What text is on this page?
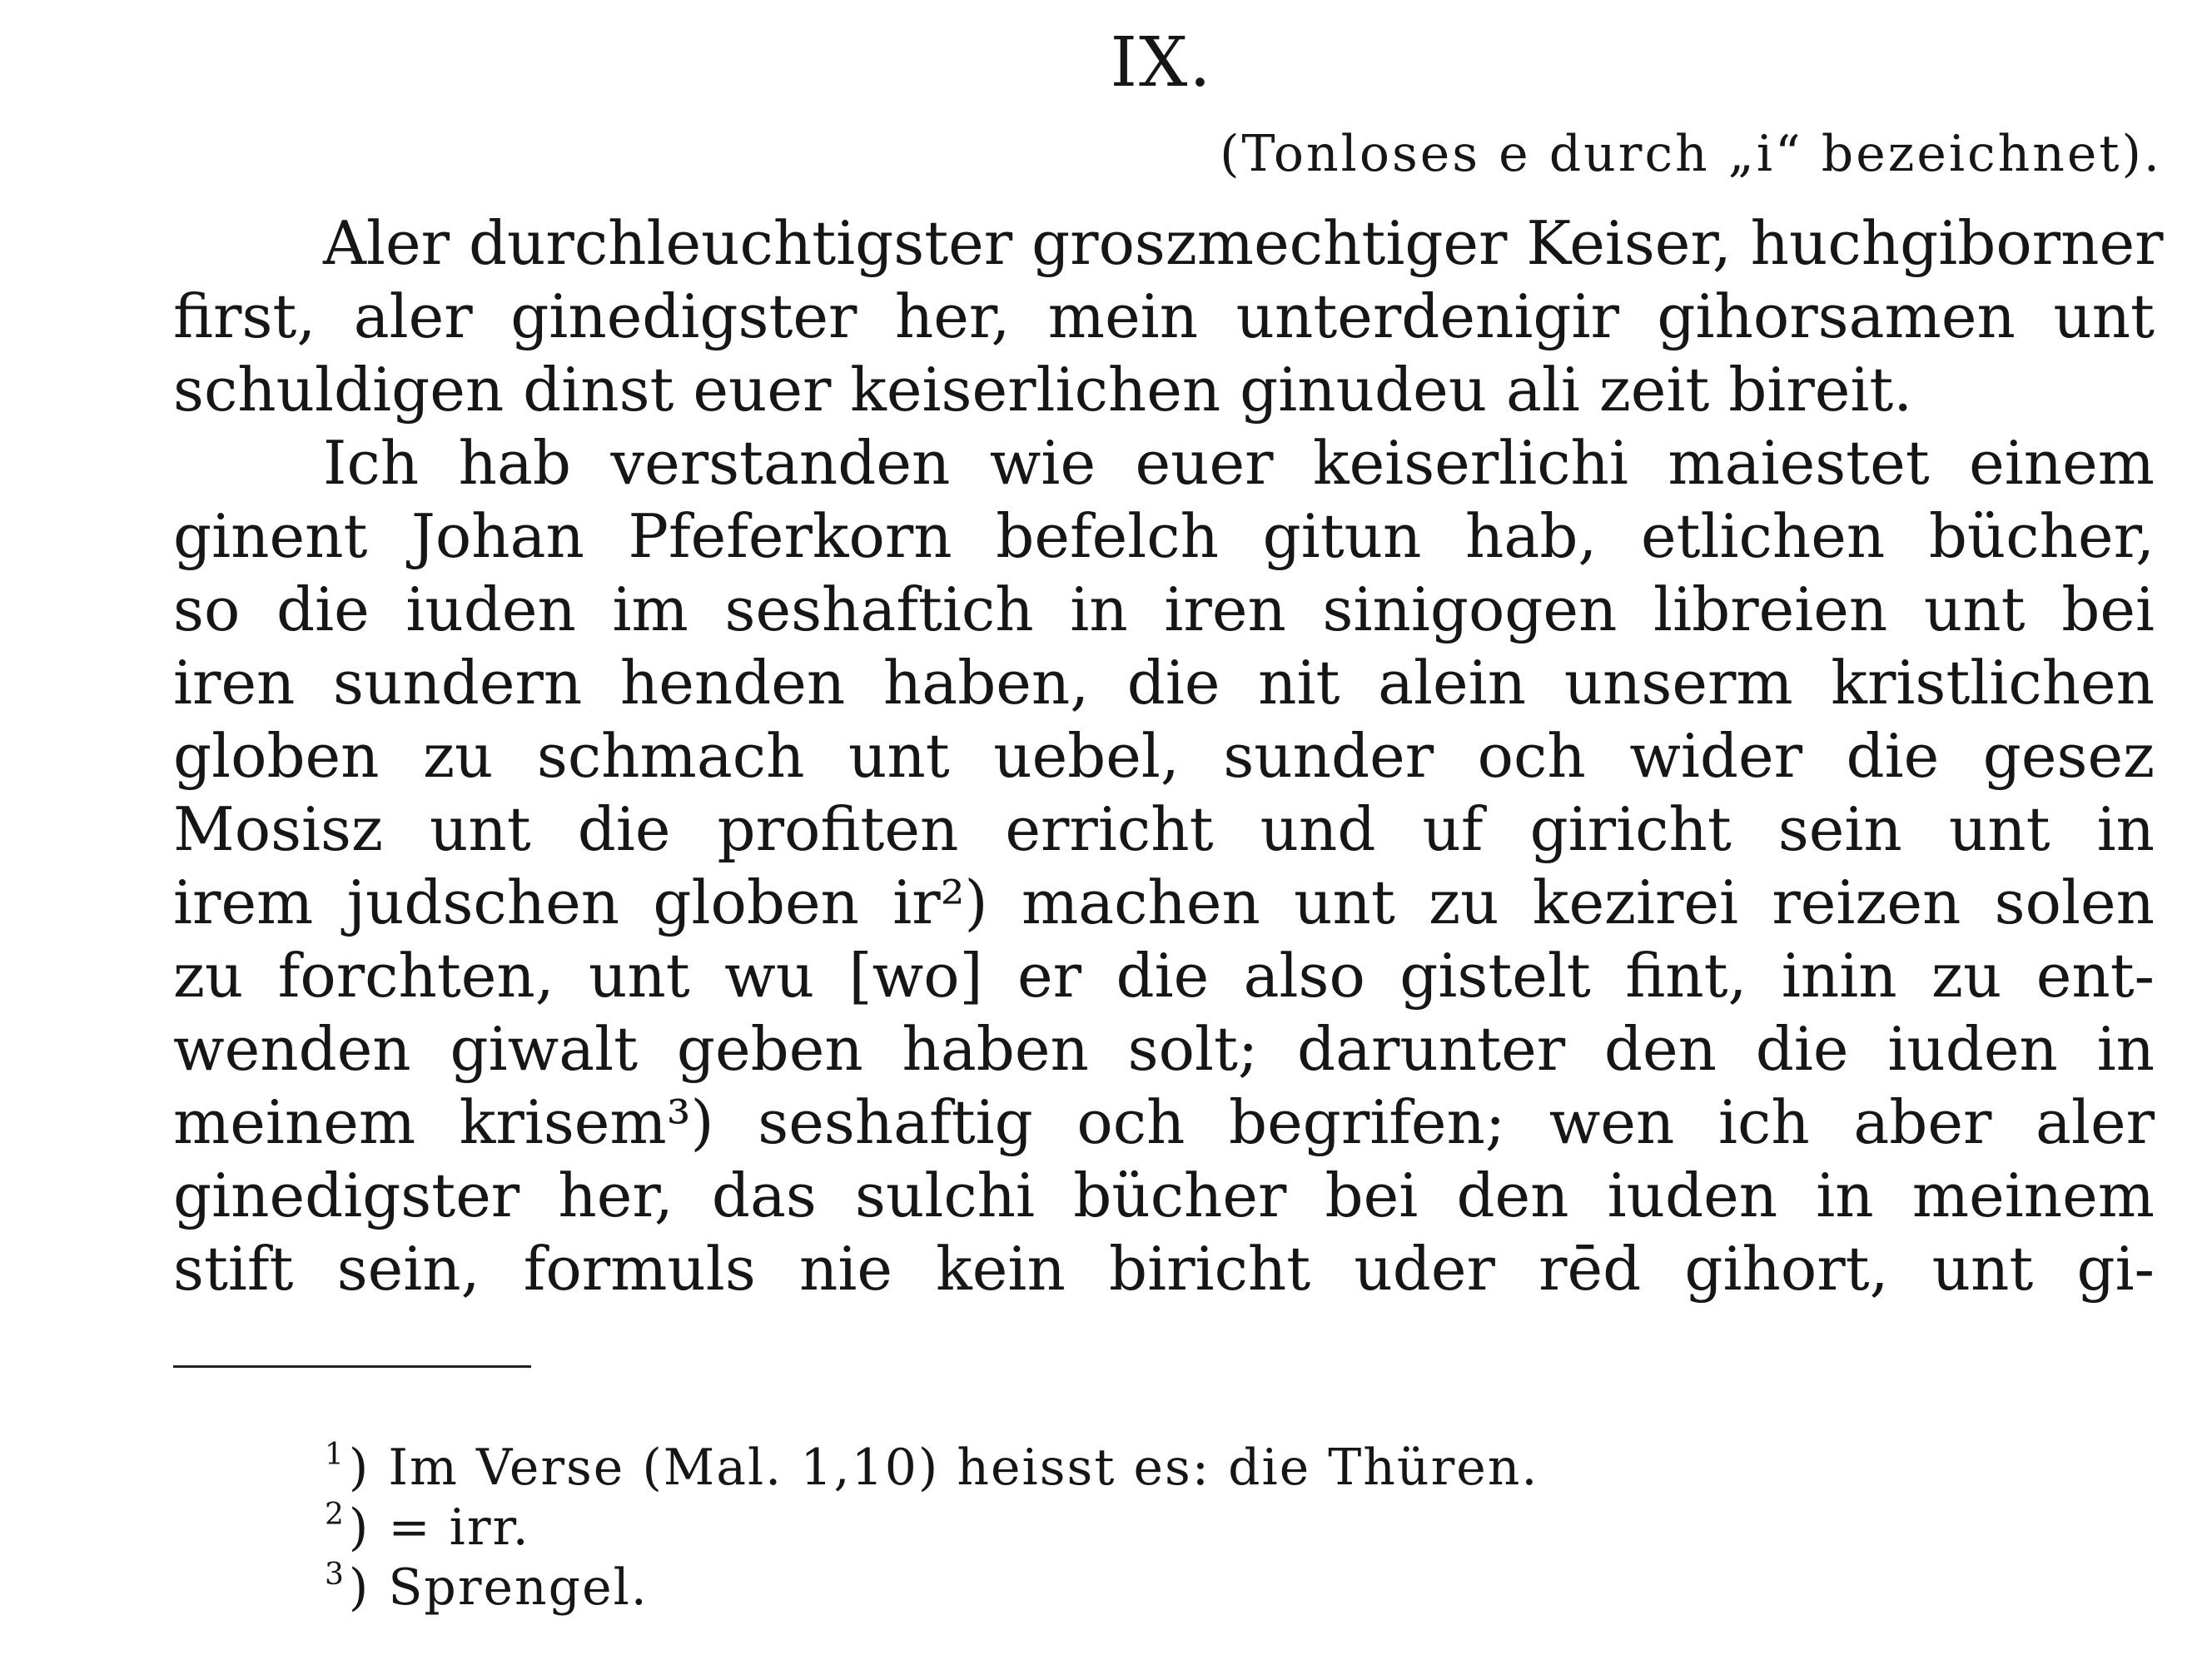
IX.

(Tonloses e durch „i“ bezeichnet).

Aler durchleuchtigster groszmechtiger Keiser, huchgiborner
first, aler ginedigster her, mein unterdenigir gihorsamen unt
schuldigen dinst euer keiserlichen ginudeu ali zeit bireit.
Ich hab verstanden wie euer keiserlichi maiestet einem
ginent Johan Pfeferkorn befelch gitun hab, etlichen bücher,
so die iuden im seshaftich in iren sinigogen libreien unt bei
iren sundern henden haben, die nit alein unserm kristlichen
globen zu schmach unt uebel, sunder och wider die gesez
Mosisz unt die profiten erricht und uf giricht sein unt in
irem judschen globen ir²) machen unt zu kezirei reizen solen
zu forchten, unt wu [wo] er die also gistelt fint, inin zu ent-
wenden giwalt geben haben solt; darunter den die iuden in
meinem krisem³) seshaftig och begrifen; wen ich aber aler
ginedigster her, das sulchi bücher bei den iuden in meinem
stift sein, formuls nie kein biricht uder rēd gihort, unt gi-

$^1$) Im Verse (Mal. 1,10) heisst es: die Thüren.

$^2$) = irr.

$^3$) Sprengel.
